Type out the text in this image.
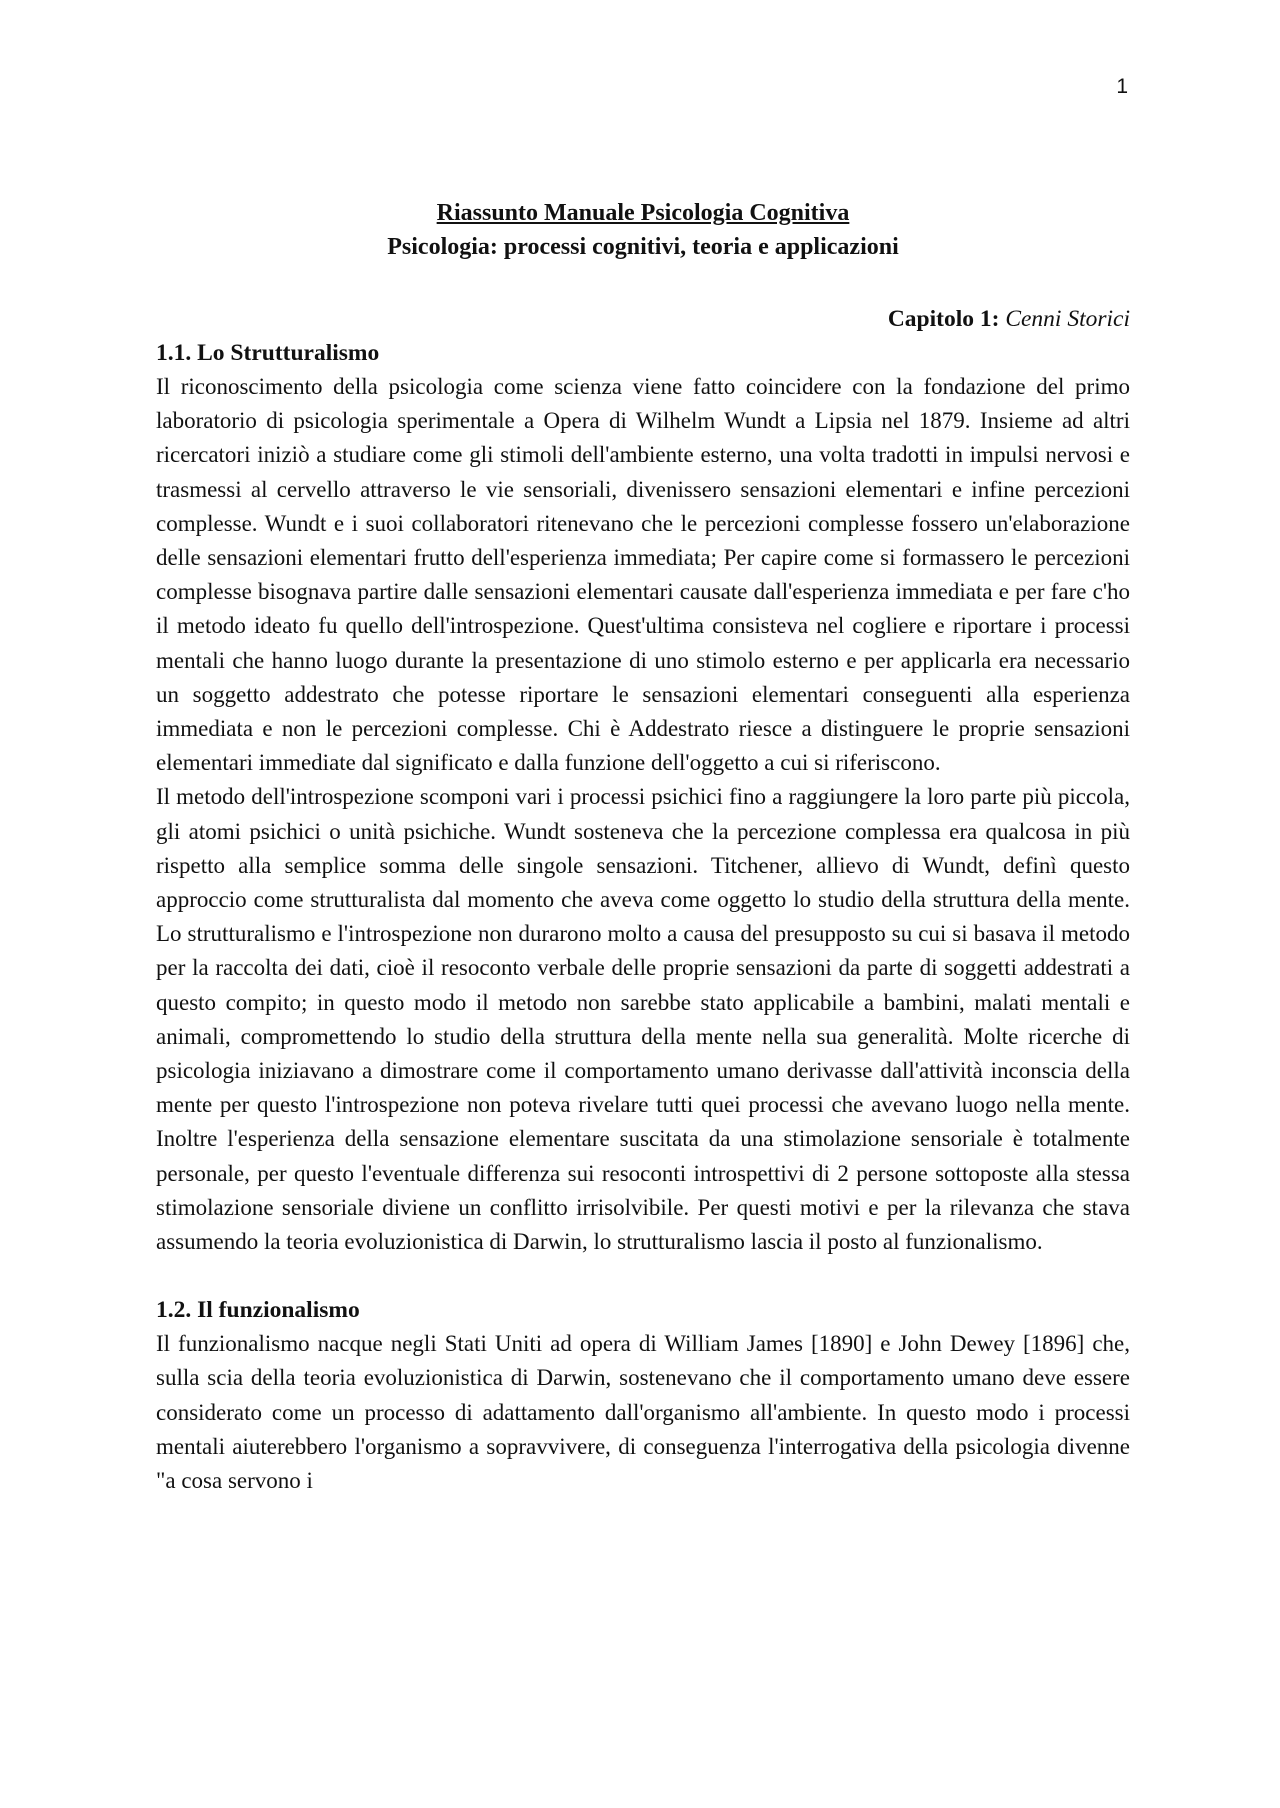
1

Riassunto Manuale Psicologia Cognitiva

Psicologia: processi cognitivi, teoria e applicazioni

Capitolo 1: Cenni Storici

1.1. Lo Strutturalismo

Il riconoscimento della psicologia come scienza viene fatto coincidere con la fondazione del primo laboratorio di psicologia sperimentale a Opera di Wilhelm Wundt a Lipsia nel 1879. Insieme ad altri ricercatori iniziò a studiare come gli stimoli dell'ambiente esterno, una volta tradotti in impulsi nervosi e trasmessi al cervello attraverso le vie sensoriali, divenissero sensazioni elementari e infine percezioni complesse. Wundt e i suoi collaboratori ritenevano che le percezioni complesse fossero un'elaborazione delle sensazioni elementari frutto dell'esperienza immediata; Per capire come si formassero le percezioni complesse bisognava partire dalle sensazioni elementari causate dall'esperienza immediata e per fare c'ho il metodo ideato fu quello dell'introspezione. Quest'ultima consisteva nel cogliere e riportare i processi mentali che hanno luogo durante la presentazione di uno stimolo esterno e per applicarla era necessario un soggetto addestrato che potesse riportare le sensazioni elementari conseguenti alla esperienza immediata e non le percezioni complesse. Chi è Addestrato riesce a distinguere le proprie sensazioni elementari immediate dal significato e dalla funzione dell'oggetto a cui si riferiscono.

Il metodo dell'introspezione scomponi vari i processi psichici fino a raggiungere la loro parte più piccola, gli atomi psichici o unità psichiche. Wundt sosteneva che la percezione complessa era qualcosa in più rispetto alla semplice somma delle singole sensazioni. Titchener, allievo di Wundt, definì questo approccio come strutturalista dal momento che aveva come oggetto lo studio della struttura della mente. Lo strutturalismo e l'introspezione non durarono molto a causa del presupposto su cui si basava il metodo per la raccolta dei dati, cioè il resoconto verbale delle proprie sensazioni da parte di soggetti addestrati a questo compito; in questo modo il metodo non sarebbe stato applicabile a bambini, malati mentali e animali, compromettendo lo studio della struttura della mente nella sua generalità. Molte ricerche di psicologia iniziavano a dimostrare come il comportamento umano derivasse dall'attività inconscia della mente per questo l'introspezione non poteva rivelare tutti quei processi che avevano luogo nella mente. Inoltre l'esperienza della sensazione elementare suscitata da una stimolazione sensoriale è totalmente personale, per questo l'eventuale differenza sui resoconti introspettivi di 2 persone sottoposte alla stessa stimolazione sensoriale diviene un conflitto irrisolvibile. Per questi motivi e per la rilevanza che stava assumendo la teoria evoluzionistica di Darwin, lo strutturalismo lascia il posto al funzionalismo.

1.2. Il funzionalismo

Il funzionalismo nacque negli Stati Uniti ad opera di William James [1890] e John Dewey [1896] che, sulla scia della teoria evoluzionistica di Darwin, sostenevano che il comportamento umano deve essere considerato come un processo di adattamento dall'organismo all'ambiente. In questo modo i processi mentali aiuterebbero l'organismo a sopravvivere, di conseguenza l'interrogativa della psicologia divenne "a cosa servono i
